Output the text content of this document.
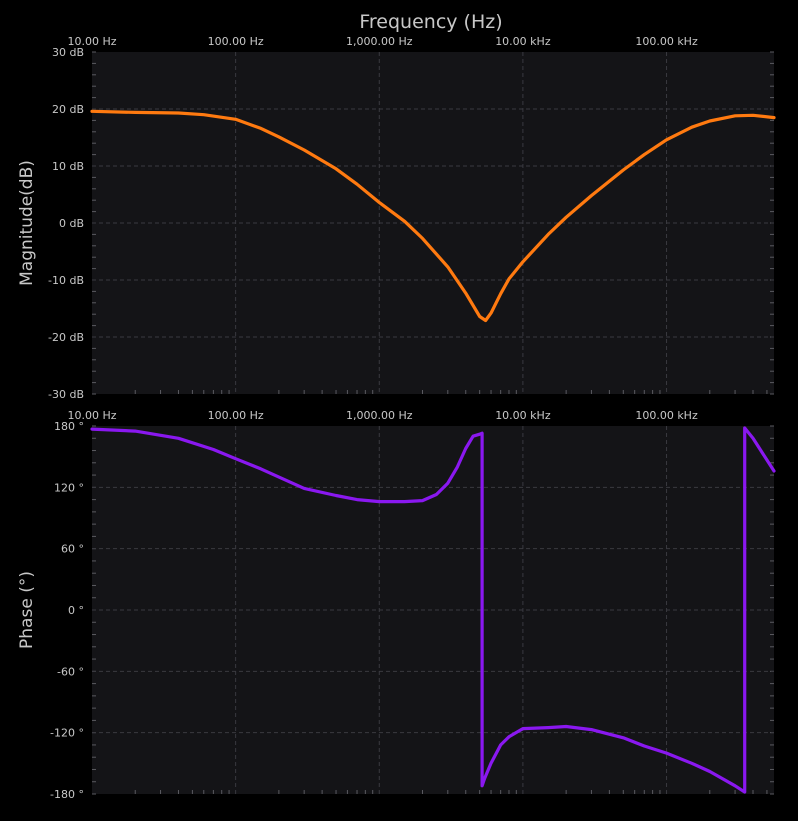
Frequency (Hz)
10.00 Hz	100.00 Hz	1,000.00 Hz	10.00 kHz	100.00 kHz
30 dB
20 dB
10 dB
0 dB
-10 dB
-20 dB
-30 dB
Magnitude(dB)
10.00 Hz	100.00 Hz	1,000.00 Hz	10.00 kHz	100.00 kHz
180 °
120 °
60 °
0 °
-60 °
-120 °
-180 °
Phase (°)
